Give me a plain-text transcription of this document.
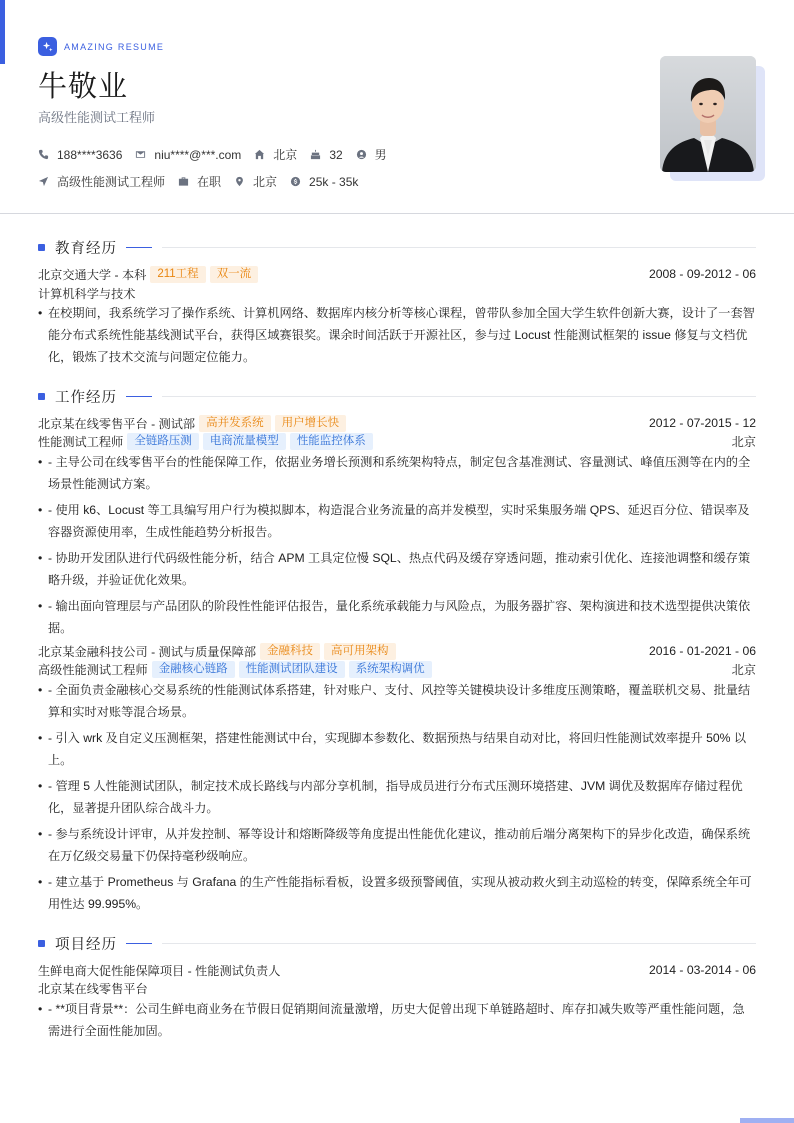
AMAZING RESUME
牛敬业
高级性能测试工程师
188****3636	niu****@***.com	北京	32	男
高级性能测试工程师	在职	北京	25k - 35k
教育经历
北京交通大学 - 本科 211工程	双一流	2008 - 09-2012 - 06
计算机科学与技术
• 在校期间，我系统学习了操作系统、计算机网络、数据库内核分析等核心课程，曾带队参加全国大学生软件创新大赛，设计了一套智能分布式系统性能基线测试平台，获得区域赛银奖。课余时间活跃于开源社区，参与过 Locust 性能测试框架的 issue 修复与文档优化，锻炼了技术交流与问题定位能力。
工作经历
北京某在线零售平台 - 测试部 高并发系统	用户增长快	2012 - 07-2015 - 12
性能测试工程师 全链路压测	电商流量模型	性能监控体系	北京
• - 主导公司在线零售平台的性能保障工作，依据业务增长预测和系统架构特点，制定包含基准测试、容量测试、峰值压测等在内的全场景性能测试方案。
• - 使用 k6、Locust 等工具编写用户行为模拟脚本，构造混合业务流量的高并发模型，实时采集服务端 QPS、延迟百分位、错误率及容器资源使用率，生成性能趋势分析报告。
• - 协助开发团队进行代码级性能分析，结合 APM 工具定位慢 SQL、热点代码及缓存穿透问题，推动索引优化、连接池调整和缓存策略升级，并验证优化效果。
• - 输出面向管理层与产品团队的阶段性性能评估报告，量化系统承载能力与风险点，为服务器扩容、架构演进和技术选型提供决策依据。
北京某金融科技公司 - 测试与质量保障部 金融科技	高可用架构	2016 - 01-2021 - 06
高级性能测试工程师 金融核心链路	性能测试团队建设	系统架构调优	北京
• - 全面负责金融核心交易系统的性能测试体系搭建，针对账户、支付、风控等关键模块设计多维度压测策略，覆盖联机交易、批量结算和实时对账等混合场景。
• - 引入 wrk 及自定义压测框架，搭建性能测试中台，实现脚本参数化、数据预热与结果自动对比，将回归性能测试效率提升 50% 以上。
• - 管理 5 人性能测试团队，制定技术成长路线与内部分享机制，指导成员进行分布式压测环境搭建、JVM 调优及数据库存储过程优化，显著提升团队综合战斗力。
• - 参与系统设计评审，从并发控制、幂等设计和熔断降级等角度提出性能优化建议，推动前后端分离架构下的异步化改造，确保系统在万亿级交易量下仍保持毫秒级响应。
• - 建立基于 Prometheus 与 Grafana 的生产性能指标看板，设置多级预警阈值，实现从被动救火到主动巡检的转变，保障系统全年可用性达 99.995%。
项目经历
生鲜电商大促性能保障项目 - 性能测试负责人	2014 - 03-2014 - 06
北京某在线零售平台
• - **项目背景**：公司生鲜电商业务在节假日促销期间流量激增，历史大促曾出现下单链路超时、库存扣减失败等严重性能问题，急需进行全面性能加固。
